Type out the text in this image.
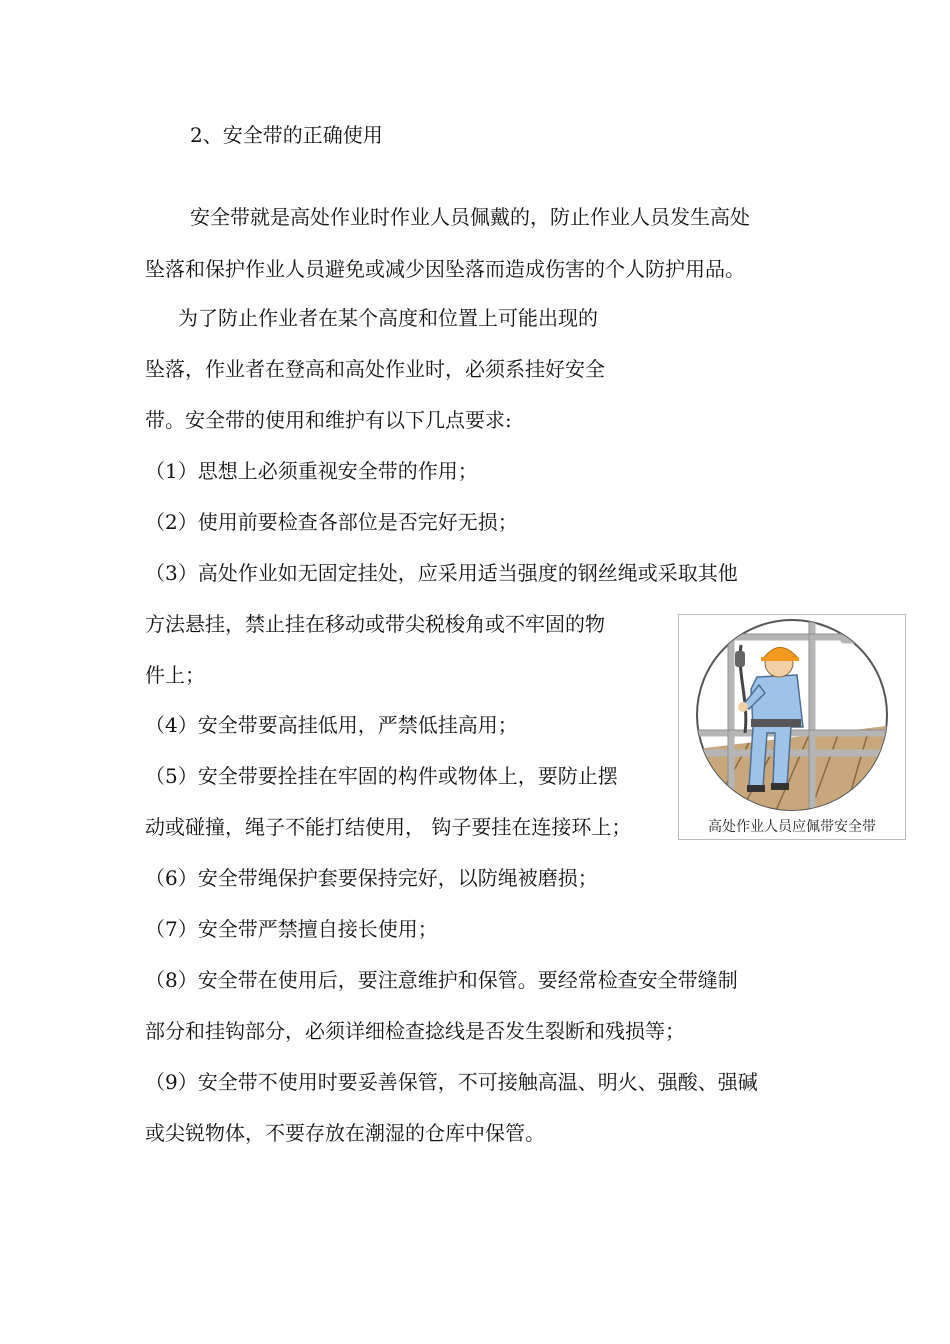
2、安全带的正确使用

安全带就是高处作业时作业人员佩戴的，防止作业人员发生高处

坠落和保护作业人员避免或减少因坠落而造成伤害的个人防护用品。

为了防止作业者在某个高度和位置上可能出现的

坠落，作业者在登高和高处作业时，必须系挂好安全

带。安全带的使用和维护有以下几点要求:

（1）思想上必须重视安全带的作用；

（2）使用前要检查各部位是否完好无损；

（3）高处作业如无固定挂处，应采用适当强度的钢丝绳或采取其他

方法悬挂，禁止挂在移动或带尖税梭角或不牢固的物

件上；

（4）安全带要高挂低用，严禁低挂高用；

（5）安全带要拴挂在牢固的构件或物体上，要防止摆

动或碰撞，绳子不能打结使用， 钩子要挂在连接环上；

（6）安全带绳保护套要保持完好，以防绳被磨损；

（7）安全带严禁擅自接长使用；

（8）安全带在使用后，要注意维护和保管。要经常检查安全带缝制

部分和挂钩部分，必须详细检查捻线是否发生裂断和残损等；

（9）安全带不使用时要妥善保管，不可接触高温、明火、强酸、强碱

或尖锐物体，不要存放在潮湿的仓库中保管。

高处作业人员应佩带安全带
